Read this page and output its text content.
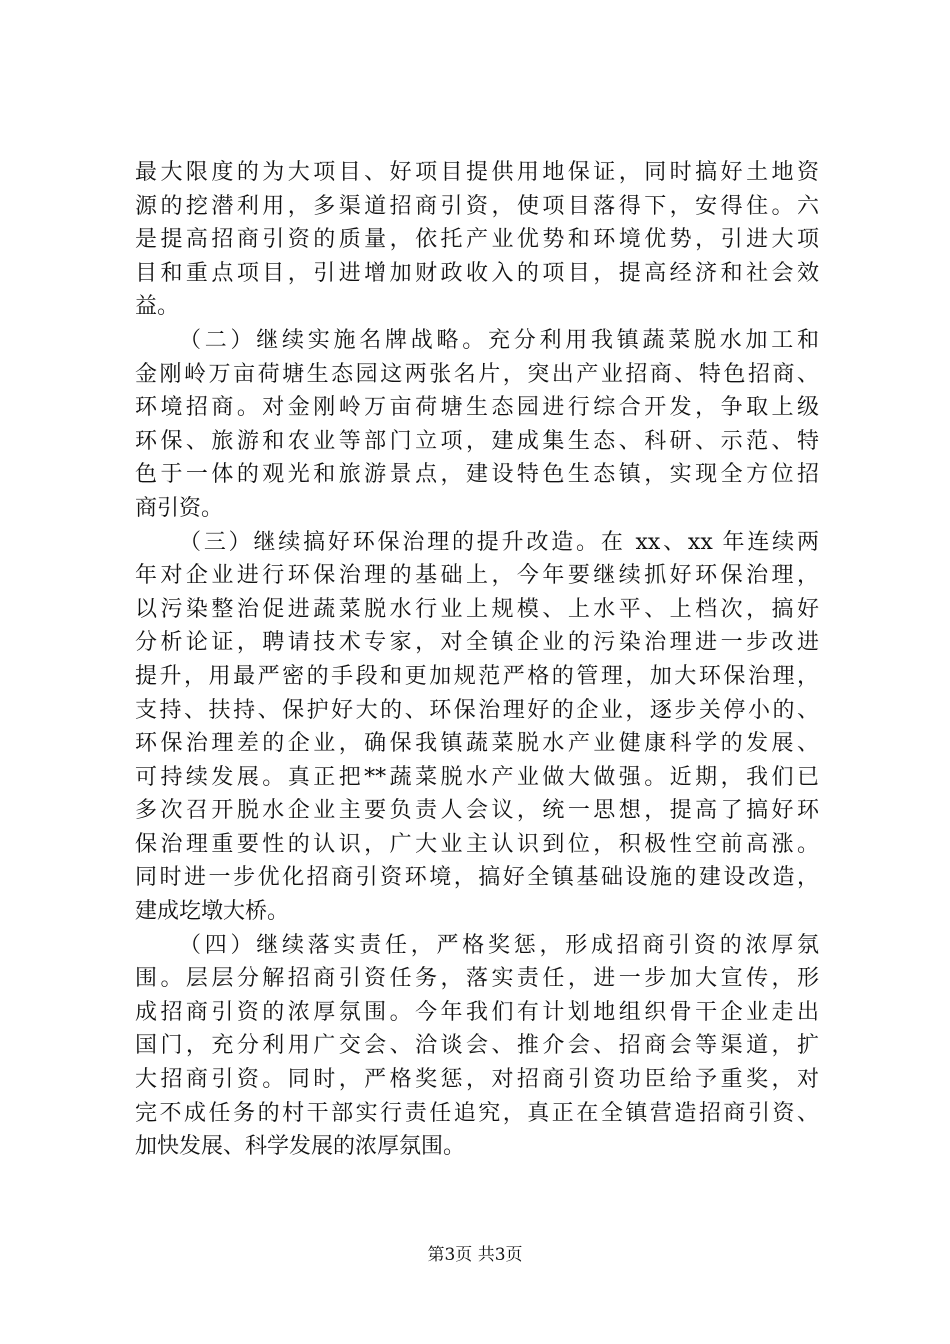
最大限度的为大项目、好项目提供用地保证，同时搞好土地资
源的挖潜利用，多渠道招商引资，使项目落得下，安得住。六
是提高招商引资的质量，依托产业优势和环境优势，引进大项
目和重点项目，引进增加财政收入的项目，提高经济和社会效
益。
（二）继续实施名牌战略。充分利用我镇蔬菜脱水加工和
金刚岭万亩荷塘生态园这两张名片，突出产业招商、特色招商、
环境招商。对金刚岭万亩荷塘生态园进行综合开发，争取上级
环保、旅游和农业等部门立项，建成集生态、科研、示范、特
色于一体的观光和旅游景点，建设特色生态镇，实现全方位招
商引资。
（三）继续搞好环保治理的提升改造。在 xx、xx 年连续两
年对企业进行环保治理的基础上，今年要继续抓好环保治理，
以污染整治促进蔬菜脱水行业上规模、上水平、上档次，搞好
分析论证，聘请技术专家，对全镇企业的污染治理进一步改进
提升，用最严密的手段和更加规范严格的管理，加大环保治理，
支持、扶持、保护好大的、环保治理好的企业，逐步关停小的、
环保治理差的企业，确保我镇蔬菜脱水产业健康科学的发展、
可持续发展。真正把**蔬菜脱水产业做大做强。近期，我们已
多次召开脱水企业主要负责人会议，统一思想，提高了搞好环
保治理重要性的认识，广大业主认识到位，积极性空前高涨。
同时进一步优化招商引资环境，搞好全镇基础设施的建设改造，
建成圪墩大桥。
（四）继续落实责任，严格奖惩，形成招商引资的浓厚氛
围。层层分解招商引资任务，落实责任，进一步加大宣传，形
成招商引资的浓厚氛围。今年我们有计划地组织骨干企业走出
国门，充分利用广交会、洽谈会、推介会、招商会等渠道，扩
大招商引资。同时，严格奖惩，对招商引资功臣给予重奖，对
完不成任务的村干部实行责任追究，真正在全镇营造招商引资、
加快发展、科学发展的浓厚氛围。
第3页 共3页
